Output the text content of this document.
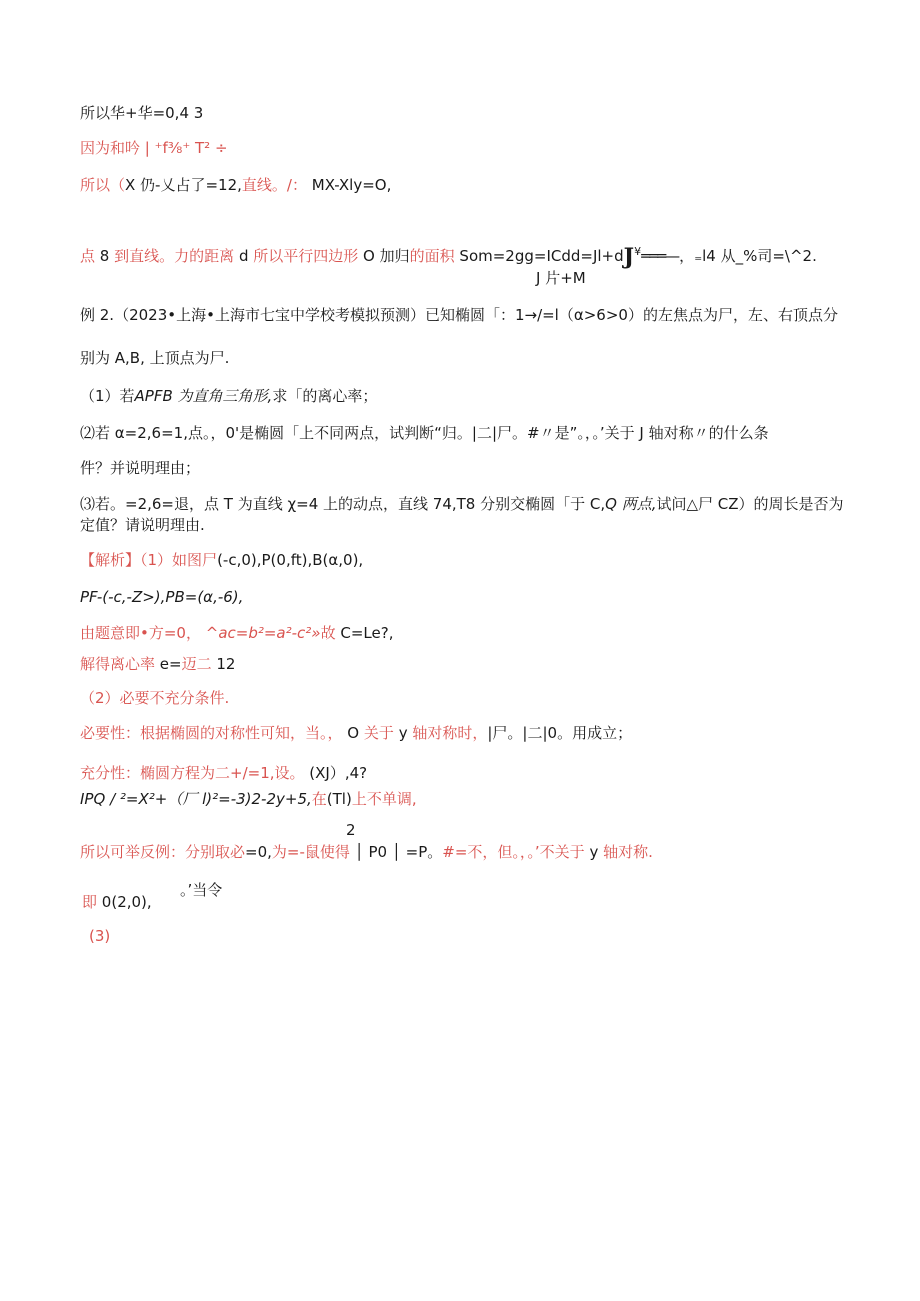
所以华+华=0,4 3
因为和吟 | ⁺f⅜⁺ T² ÷
所以（X 仍-乂占了=12,直线。/： MX-Xly=O,
点 8 到直线。力的距离 d 所以平行四边形 O 加归的面积 Som=2gg=ICdd=Jl+dJ¥═══—，₌l4 从_%司=\^2.
J 片+M
例 2.（2023•上海•上海市七宝中学校考模拟预测）已知椭圆「：1→/=l（α>6>0）的左焦点为尸，左、右顶点分
别为 A,B, 上顶点为尸.
（1）若APFB 为直角三角形,求「的离心率；
⑵若 α=2,6=1,点。，0'是椭圆「上不同两点，试判断“归。|二|尸。#〃是”。，。’关于 J 轴对称〃的什么条
件？并说明理由；
⑶若。=2,6=退，点 T 为直线 χ=4 上的动点，直线 74,T8 分别交椭圆「于 C,Q 两点,试问△尸 CZ）的周长是否为
定值？请说明理由.
【解析】（1）如图尸(-c,0),P(0,ft),B(α,0),
PF-(-c,-Z>),PB=(α,-6),
由题意即•方=0， ^ac=b²=a²-c²»故 C=Le?,
解得离心率 e=迈二 12
（2）必要不充分条件.
必要性：根据椭圆的对称性可知，当。， O 关于 y 轴对称时，|尸。|二|0。用成立；
充分性：椭圆方程为二+/=1,设。 (XJ）,4?
IPQ / ²=X²+（厂 l)²=-3)2-2y+5,在(Tl)上不单调,
2
所以可举反例：分别取必=0,为=-鼠使得 │ P0 │ =P。#=不，但。，。’不关于 y 轴对称.
即 0(2,0),
。’当令
(3)
